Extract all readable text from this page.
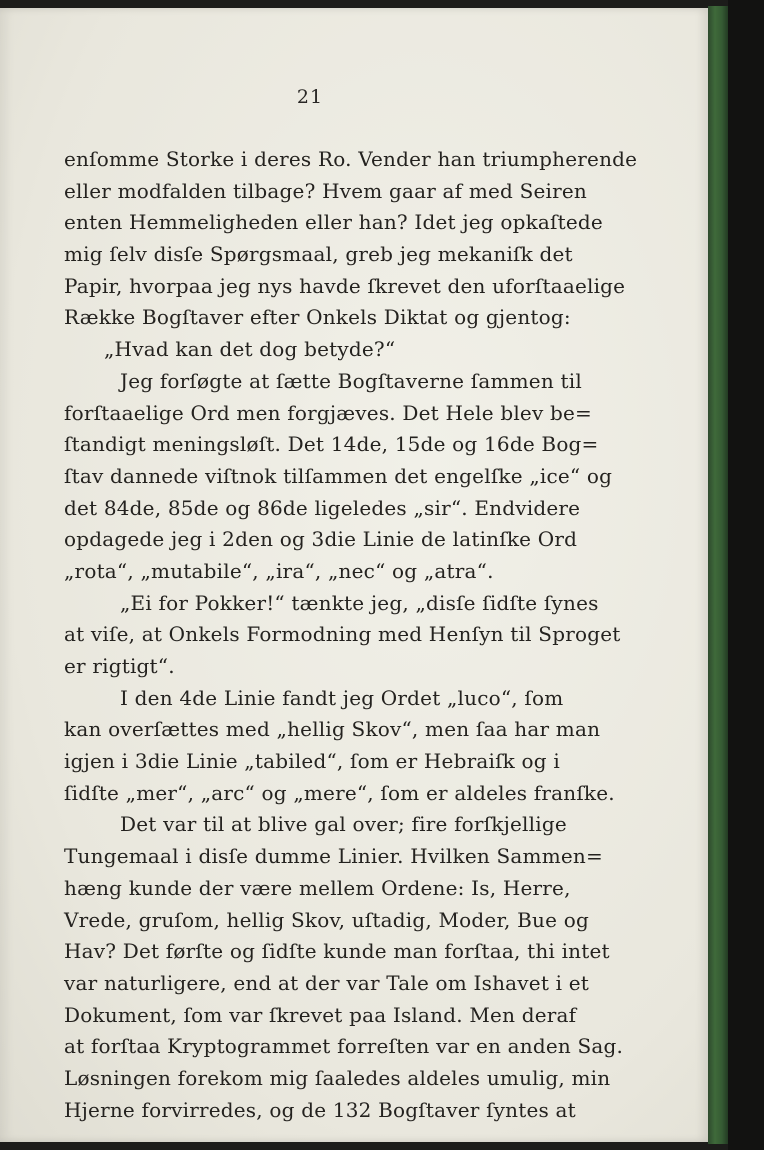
21
enſomme Storke i deres Ro. Vender han triumpherende
eller modfalden tilbage? Hvem gaar af med Seiren
enten Hemmeligheden eller han? Idet jeg opkaſtede
mig ſelv disſe Spørgsmaal, greb jeg mekaniſk det
Papir, hvorpaa jeg nys havde ſkrevet den uforſtaaelige
Række Bogſtaver efter Onkels Diktat og gjentog:
„Hvad kan det dog betyde?“
Jeg forſøgte at ſætte Bogſtaverne ſammen til
forſtaaelige Ord men forgjæves. Det Hele blev be=
ſtandigt meningsløſt. Det 14de, 15de og 16de Bog=
ſtav dannede viſtnok tilſammen det engelſke „ice“ og
det 84de, 85de og 86de ligeledes „sir“. Endvidere
opdagede jeg i 2den og 3die Linie de latinſke Ord
„rota“, „mutabile“, „ira“, „nec“ og „atra“.
„Ei for Pokker!“ tænkte jeg, „disſe ſidſte ſynes
at viſe, at Onkels Formodning med Henſyn til Sproget
er rigtigt“.
I den 4de Linie fandt jeg Ordet „luco“, ſom
kan overſættes med „hellig Skov“, men ſaa har man
igjen i 3die Linie „tabiled“, ſom er Hebraiſk og i
ſidſte „mer“, „arc“ og „mere“, ſom er aldeles franſke.
Det var til at blive gal over; fire forſkjellige
Tungemaal i disſe dumme Linier. Hvilken Sammen=
hæng kunde der være mellem Ordene: Is, Herre,
Vrede, gruſom, hellig Skov, uſtadig, Moder, Bue og
Hav? Det førſte og ſidſte kunde man forſtaa, thi intet
var naturligere, end at der var Tale om Ishavet i et
Dokument, ſom var ſkrevet paa Island. Men deraf
at forſtaa Kryptogrammet forreſten var en anden Sag.
Løsningen forekom mig ſaaledes aldeles umulig, min
Hjerne forvirredes, og de 132 Bogſtaver ſyntes at
